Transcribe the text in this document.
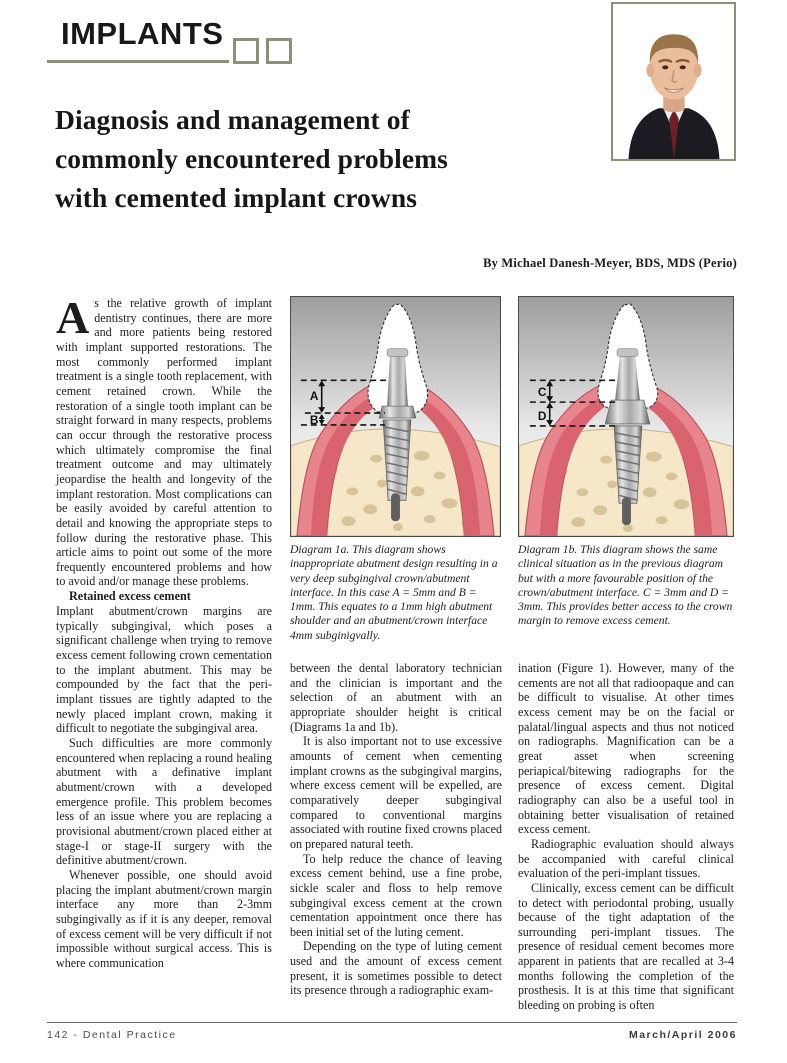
IMPLANTS
Diagnosis and management of
commonly encountered problems
with cemented implant crowns
By Michael Danesh-Meyer, BDS, MDS (Perio)

As the relative growth of implant dentistry continues, there are more and more patients being restored with implant supported restorations. The most commonly performed implant treatment is a single tooth replacement, with cement retained crown. While the restoration of a single tooth implant can be straight forward in many respects, problems can occur through the restorative process which ultimately compromise the final treatment outcome and may ultimately jeopardise the health and longevity of the implant restoration. Most complications can be easily avoided by careful attention to detail and knowing the appropriate steps to follow during the restorative phase. This article aims to point out some of the more frequently encountered problems and how to avoid and/or manage these problems.

Retained excess cement

Implant abutment/crown margins are typically subgingival, which poses a significant challenge when trying to remove excess cement following crown cementation to the implant abutment. This may be compounded by the fact that the peri-implant tissues are tightly adapted to the newly placed implant crown, making it difficult to negotiate the subgingival area.

Such difficulties are more commonly encountered when replacing a round healing abutment with a definative implant abutment/crown with a developed emergence profile. This problem becomes less of an issue where you are replacing a provisional abutment/crown placed either at stage-I or stage-II surgery with the definitive abutment/crown.

Whenever possible, one should avoid placing the implant abutment/crown margin interface any more than 2-3mm subgingivally as if it is any deeper, removal of excess cement will be very difficult if not impossible without surgical access. This is where communication

A
B
Diagram 1a. This diagram shows inappropriate abutment design resulting in a very deep subgingival crown/abutment interface. In this case A = 5mm and B = 1mm. This equates to a 1mm high abutment shoulder and an abutment/crown interface 4mm subginigvally.
C
D
Diagram 1b. This diagram shows the same clinical situation as in the previous diagram but with a more favourable position of the crown/abutment interface. C = 3mm and D = 3mm. This provides better access to the crown margin to remove excess cement.

between the dental laboratory technician and the clinician is important and the selection of an abutment with an appropriate shoulder height is critical (Diagrams 1a and 1b).

It is also important not to use excessive amounts of cement when cementing implant crowns as the subgingival margins, where excess cement will be expelled, are comparatively deeper subgingival compared to conventional margins associated with routine fixed crowns placed on prepared natural teeth.

To help reduce the chance of leaving excess cement behind, use a fine probe, sickle scaler and floss to help remove subgingival excess cement at the crown cementation appointment once there has been initial set of the luting cement.

Depending on the type of luting cement used and the amount of excess cement present, it is sometimes possible to detect its presence through a radiographic exam-

ination (Figure 1). However, many of the cements are not all that radioopaque and can be difficult to visualise. At other times excess cement may be on the facial or palatal/lingual aspects and thus not noticed on radiographs. Magnification can be a great asset when screening periapical/bitewing radiographs for the presence of excess cement. Digital radiography can also be a useful tool in obtaining better visualisation of retained excess cement.

Radiographic evaluation should always be accompanied with careful clinical evaluation of the peri-implant tissues.

Clinically, excess cement can be difficult to detect with periodontal probing, usually because of the tight adaptation of the surrounding peri-implant tissues. The presence of residual cement becomes more apparent in patients that are recalled at 3-4 months following the completion of the prosthesis. It is at this time that significant bleeding on probing is often

142 - Dental Practice	March/April 2006
